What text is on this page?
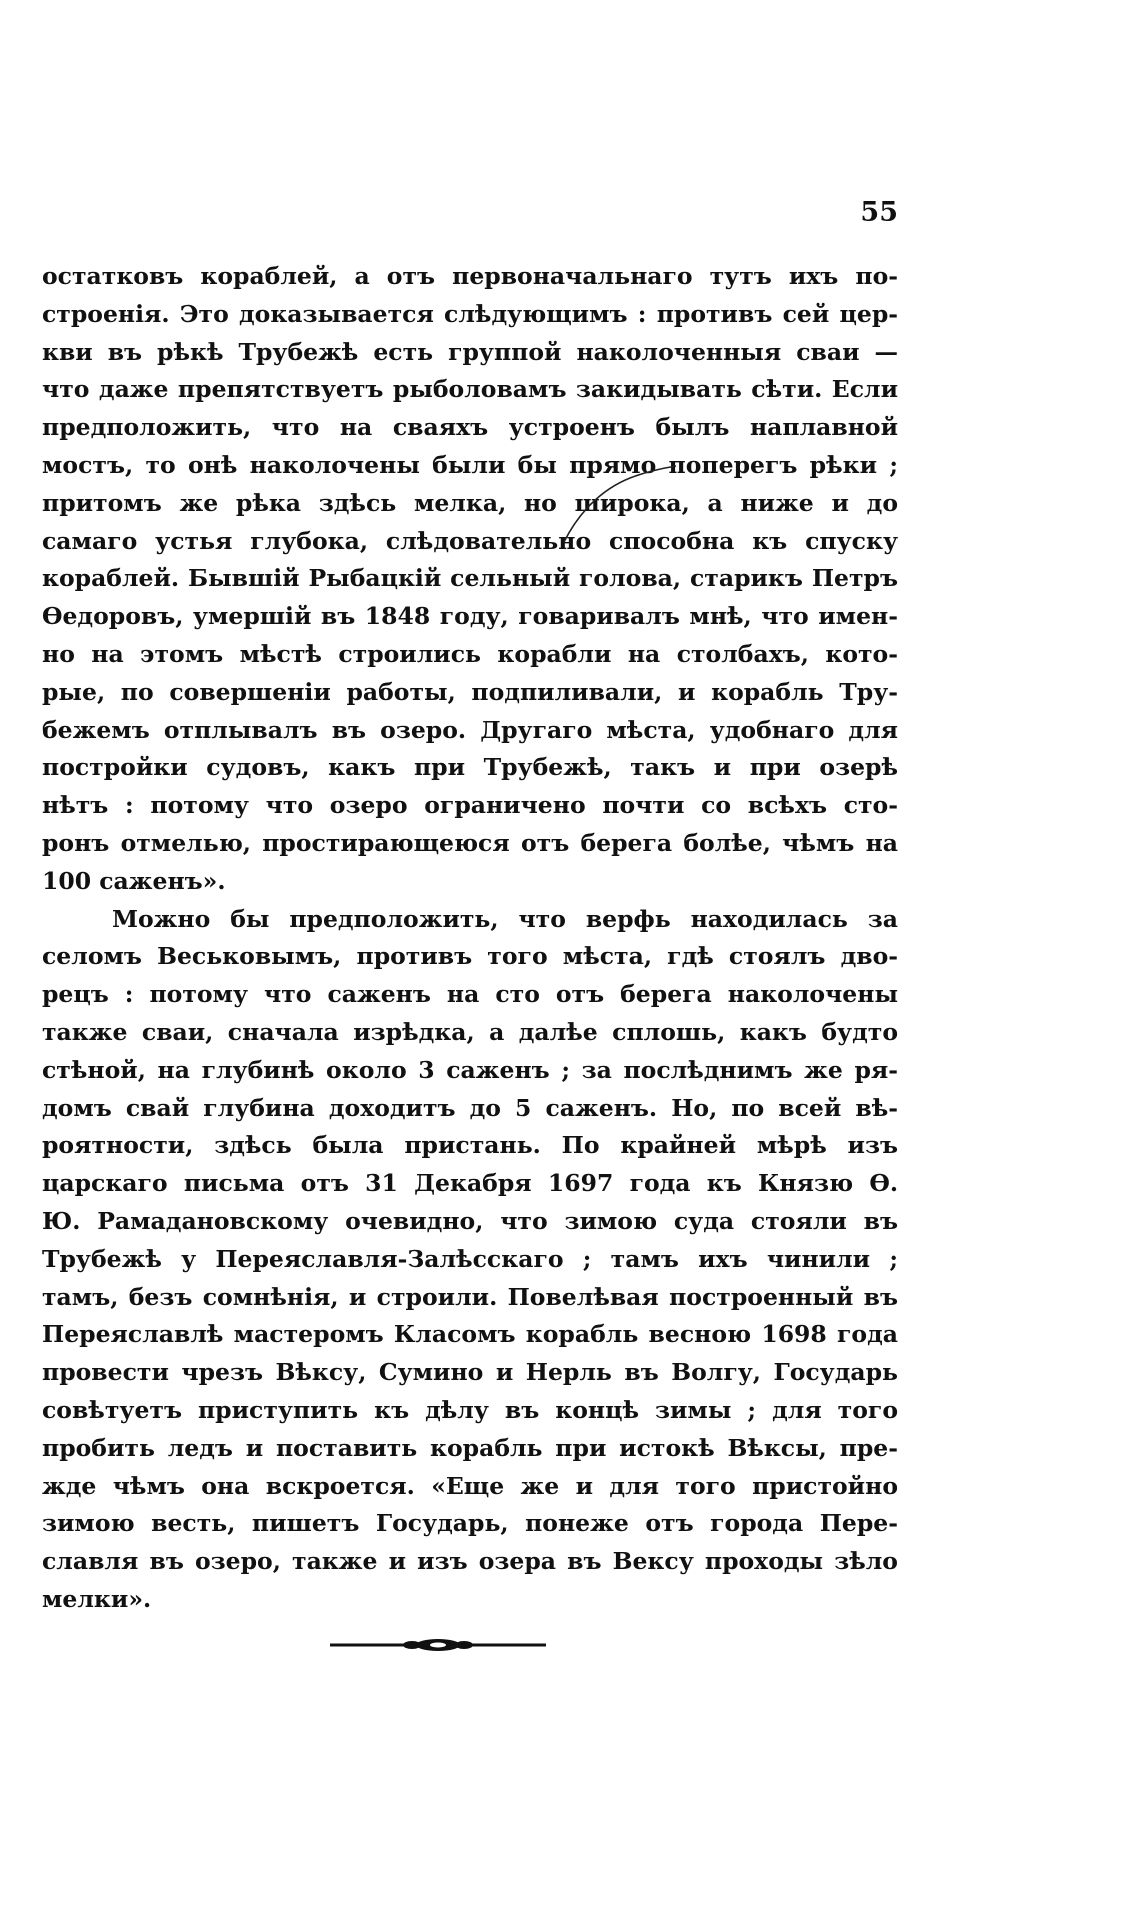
55
остатковъ кораблей, а отъ первоначальнаго тутъ ихъ по-
строенія. Это доказывается слѣдующимъ : противъ сей цер-
кви въ рѣкѣ Трубежѣ есть группой наколоченныя сваи —
что даже препятствуетъ рыболовамъ закидывать сѣти. Если
предположить, что на сваяхъ устроенъ былъ наплавной
мостъ, то онѣ наколочены были бы прямо поперегъ рѣки ;
притомъ же рѣка здѣсь мелка, но широка, а ниже и до
самаго устья глубока, слѣдовательно способна къ спуску
кораблей. Бывшій Рыбацкій сельный голова, старикъ Петръ
Ѳедоровъ, умершій въ 1848 году, говаривалъ мнѣ, что имен-
но на этомъ мѣстѣ строились корабли на столбахъ, кото-
рые, по совершеніи работы, подпиливали, и корабль Тру-
бежемъ отплывалъ въ озеро. Другаго мѣста, удобнаго для
постройки судовъ, какъ при Трубежѣ, такъ и при озерѣ
нѣтъ : потому что озеро ограничено почти со всѣхъ сто-
ронъ отмелью, простирающеюся отъ берега болѣе, чѣмъ на
100 саженъ».
Можно бы предположить, что верфь находилась за
селомъ Веськовымъ, противъ того мѣста, гдѣ стоялъ дво-
рецъ : потому что саженъ на сто отъ берега наколочены
также сваи, сначала изрѣдка, а далѣе сплошь, какъ будто
стѣной, на глубинѣ около 3 саженъ ; за послѣднимъ же ря-
домъ свай глубина доходитъ до 5 саженъ. Но, по всей вѣ-
роятности, здѣсь была пристань. По крайней мѣрѣ изъ
царскаго письма отъ 31 Декабря 1697 года къ Князю Ѳ.
Ю. Рамадановскому очевидно, что зимою суда стояли въ
Трубежѣ у Переяславля-Залѣсскаго ; тамъ ихъ чинили ;
тамъ, безъ сомнѣнія, и строили. Повелѣвая построенный въ
Переяславлѣ мастеромъ Класомъ корабль весною 1698 года
провести чрезъ Вѣксу, Сумино и Нерль въ Волгу, Государь
совѣтуетъ приступить къ дѣлу въ концѣ зимы ; для того
пробить ледъ и поставить корабль при истокѣ Вѣксы, пре-
жде чѣмъ она вскроется. «Еще же и для того пристойно
зимою весть, пишетъ Государь, понеже отъ города Пере-
славля въ озеро, также и изъ озера въ Вексу проходы зѣло
мелки».
